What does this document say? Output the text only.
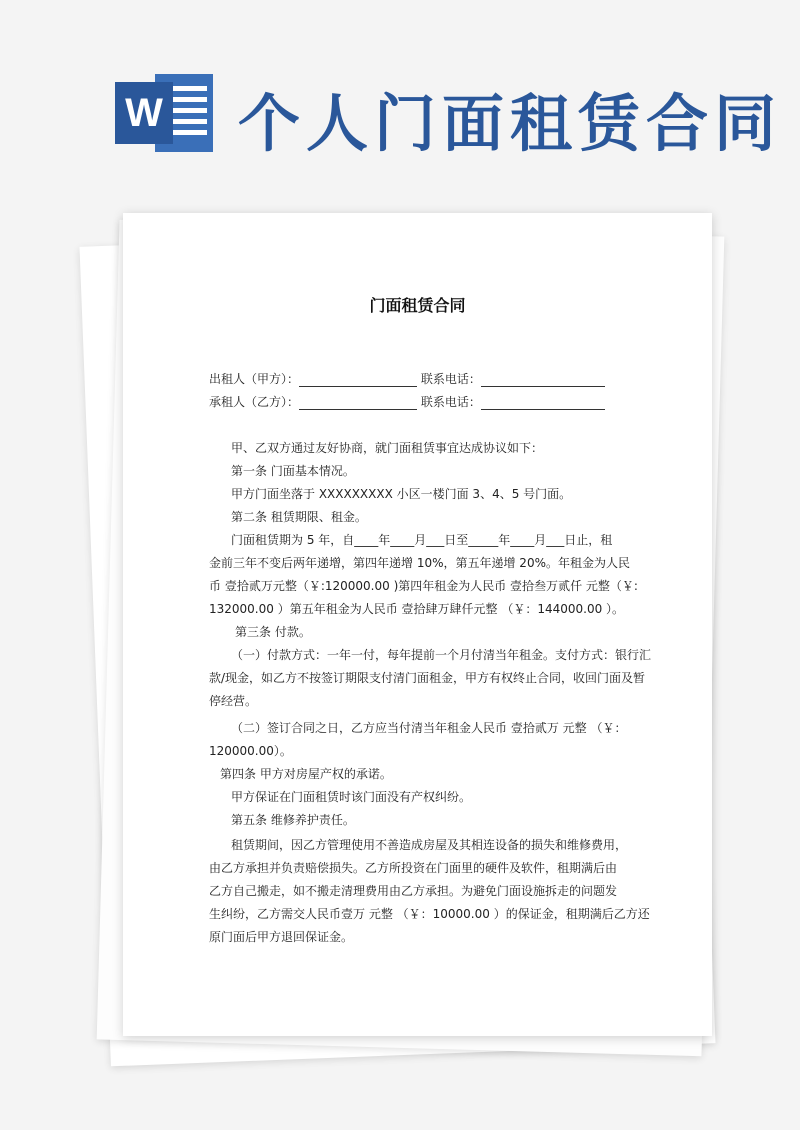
W 个人门面租赁合同
门面租赁合同
出租人（甲方）：	联系电话：
承租人（乙方）：	联系电话：
甲、乙双方通过友好协商，就门面租赁事宜达成协议如下：
第一条 门面基本情况。
甲方门面坐落于 XXXXXXXXX 小区一楼门面 3、4、5 号门面。
第二条 租赁期限、租金。
门面租赁期为 5 年，自____年____月___日至_____年____月___日止，租
金前三年不变后两年递增，第四年递增 10%，第五年递增 20%。年租金为人民
币 壹拾贰万元整（￥:120000.00 )第四年租金为人民币 壹拾叁万贰仟 元整（￥:
132000.00 ）第五年租金为人民币 壹拾肆万肆仟元整 （￥：144000.00 ）。
第三条 付款。
（一）付款方式：一年一付，每年提前一个月付清当年租金。支付方式：银行汇
款/现金，如乙方不按签订期限支付清门面租金，甲方有权终止合同，收回门面及暂
停经营。
（二）签订合同之日，乙方应当付清当年租金人民币 壹拾贰万 元整 （￥：
120000.00）。
第四条 甲方对房屋产权的承诺。
甲方保证在门面租赁时该门面没有产权纠纷。
第五条 维修养护责任。
租赁期间，因乙方管理使用不善造成房屋及其相连设备的损失和维修费用，
由乙方承担并负责赔偿损失。乙方所投资在门面里的硬件及软件，租期满后由
乙方自己搬走，如不搬走清理费用由乙方承担。为避免门面设施拆走的问题发
生纠纷，乙方需交人民币壹万 元整 （￥：10000.00 ）的保证金，租期满后乙方还
原门面后甲方退回保证金。
